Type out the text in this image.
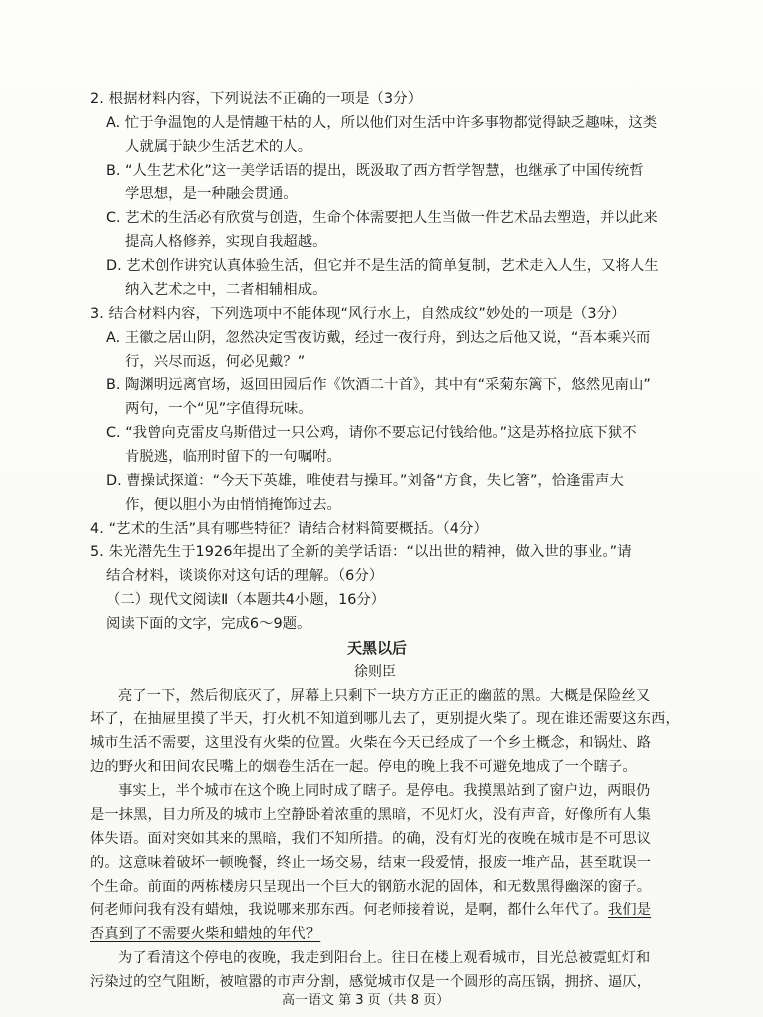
2. 根据材料内容，下列说法不正确的一项是（3分）
A. 忙于争温饱的人是情趣干枯的人，所以他们对生活中许多事物都觉得缺乏趣味，这类
人就属于缺少生活艺术的人。
B. “人生艺术化”这一美学话语的提出，既汲取了西方哲学智慧，也继承了中国传统哲
学思想，是一种融会贯通。
C. 艺术的生活必有欣赏与创造，生命个体需要把人生当做一件艺术品去塑造，并以此来
提高人格修养，实现自我超越。
D. 艺术创作讲究认真体验生活，但它并不是生活的简单复制，艺术走入人生，又将人生
纳入艺术之中，二者相辅相成。
3. 结合材料内容，下列选项中不能体现“风行水上，自然成纹”妙处的一项是（3分）
A. 王徽之居山阴，忽然决定雪夜访戴，经过一夜行舟，到达之后他又说，“吾本乘兴而
行，兴尽而返，何必见戴？”
B. 陶渊明远离官场，返回田园后作《饮酒二十首》，其中有“采菊东篱下，悠然见南山”
两句，一个“见”字值得玩味。
C. “我曾向克雷皮乌斯借过一只公鸡，请你不要忘记付钱给他。”这是苏格拉底下狱不
肯脱逃，临刑时留下的一句嘱咐。
D. 曹操试探道：“今天下英雄，唯使君与操耳。”刘备“方食，失匕箸”，恰逢雷声大
作，便以胆小为由悄悄掩饰过去。
4. “艺术的生活”具有哪些特征？请结合材料简要概括。（4分）
5. 朱光潜先生于1926年提出了全新的美学话语：“以出世的精神，做入世的事业。”请
结合材料，谈谈你对这句话的理解。（6分）
（二）现代文阅读Ⅱ（本题共4小题，16分）
阅读下面的文字，完成6～9题。
天黑以后
徐则臣
亮了一下，然后彻底灭了，屏幕上只剩下一块方方正正的幽蓝的黑。大概是保险丝又
坏了，在抽屉里摸了半天，打火机不知道到哪儿去了，更别提火柴了。现在谁还需要这东西，
城市生活不需要，这里没有火柴的位置。火柴在今天已经成了一个乡土概念，和锅灶、路
边的野火和田间农民嘴上的烟卷生活在一起。停电的晚上我不可避免地成了一个瞎子。
事实上，半个城市在这个晚上同时成了瞎子。是停电。我摸黑站到了窗户边，两眼仍
是一抹黑，目力所及的城市上空静卧着浓重的黑暗，不见灯火，没有声音，好像所有人集
体失语。面对突如其来的黑暗，我们不知所措。的确，没有灯光的夜晚在城市是不可思议
的。这意味着破坏一顿晚餐，终止一场交易，结束一段爱情，报废一堆产品，甚至耽误一
个生命。前面的两栋楼房只呈现出一个巨大的钢筋水泥的固体，和无数黑得幽深的窗子。
何老师问我有没有蜡烛，我说哪来那东西。何老师接着说，是啊，都什么年代了。我们是
否真到了不需要火柴和蜡烛的年代？
为了看清这个停电的夜晚，我走到阳台上。往日在楼上观看城市，目光总被霓虹灯和
污染过的空气阻断，被喧嚣的市声分割，感觉城市仅是一个圆形的高压锅，拥挤、逼仄，
高一语文 第 3 页（共 8 页）
